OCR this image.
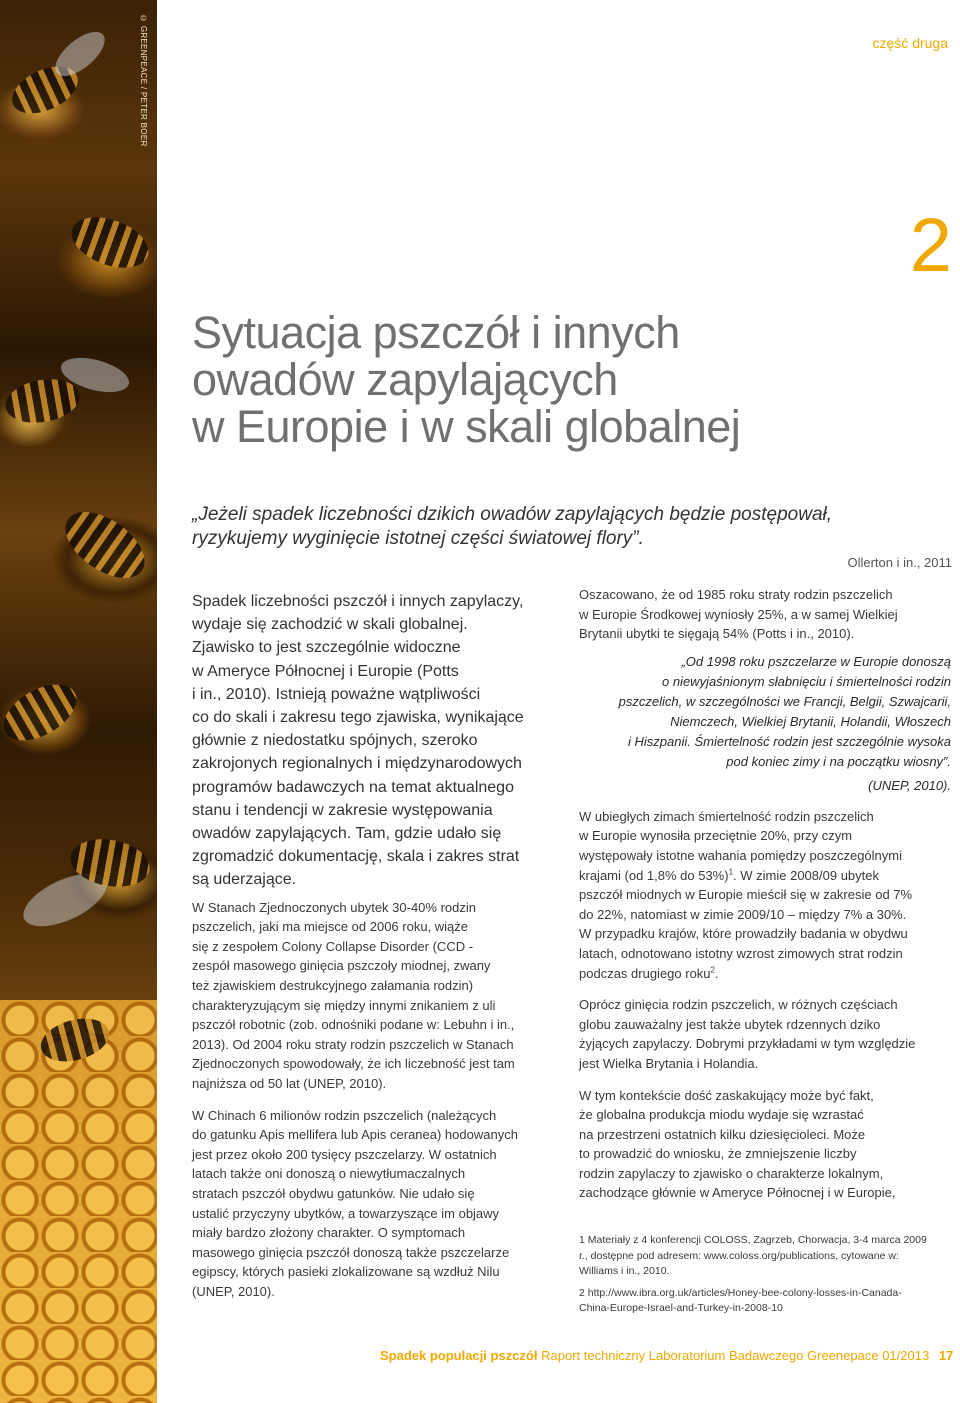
© GREENPEACE / PETER BOER	część druga
2
Sytuacja pszczół i innych
owadów zapylających
w Europie i w skali globalnej
„Jeżeli spadek liczebności dzikich owadów zapylających będzie postępował,
ryzykujemy wyginięcie istotnej części światowej flory”.
Ollerton i in., 2011
Spadek liczebności pszczół i innych zapylaczy,
wydaje się zachodzić w skali globalnej.
Zjawisko to jest szczególnie widoczne
w Ameryce Północnej i Europie (Potts
i in., 2010). Istnieją poważne wątpliwości
co do skali i zakresu tego zjawiska, wynikające
głównie z niedostatku spójnych, szeroko
zakrojonych regionalnych i międzynarodowych
programów badawczych na temat aktualnego
stanu i tendencji w zakresie występowania
owadów zapylających. Tam, gdzie udało się
zgromadzić dokumentację, skala i zakres strat
są uderzające.
W Stanach Zjednoczonych ubytek 30-40% rodzin
pszczelich, jaki ma miejsce od 2006 roku, wiąże
się z zespołem Colony Collapse Disorder (CCD -
zespół masowego ginięcia pszczoły miodnej, zwany
też zjawiskiem destrukcyjnego załamania rodzin)
charakteryzującym się między innymi znikaniem z uli
pszczół robotnic (zob. odnośniki podane w: Lebuhn i in.,
2013). Od 2004 roku straty rodzin pszczelich w Stanach
Zjednoczonych spowodowały, że ich liczebność jest tam
najniższa od 50 lat (UNEP, 2010).
W Chinach 6 milionów rodzin pszczelich (należących
do gatunku Apis mellifera lub Apis ceranea) hodowanych
jest przez około 200 tysięcy pszczelarzy. W ostatnich
latach także oni donoszą o niewytłumaczalnych
stratach pszczół obydwu gatunków. Nie udało się
ustalić przyczyny ubytków, a towarzyszące im objawy
miały bardzo złożony charakter. O symptomach
masowego ginięcia pszczół donoszą także pszczelarze
egipscy, których pasieki zlokalizowane są wzdłuż Nilu
(UNEP, 2010).
Oszacowano, że od 1985 roku straty rodzin pszczelich
w Europie Środkowej wyniosły 25%, a w samej Wielkiej
Brytanii ubytki te sięgają 54% (Potts i in., 2010).
„Od 1998 roku pszczelarze w Europie donoszą
o niewyjaśnionym słabnięciu i śmiertelności rodzin
pszczelich, w szczególności we Francji, Belgii, Szwajcarii,
Niemczech, Wielkiej Brytanii, Holandii, Włoszech
i Hiszpanii. Śmiertelność rodzin jest szczególnie wysoka
pod koniec zimy i na początku wiosny”.
(UNEP, 2010).
W ubiegłych zimach śmiertelność rodzin pszczelich
w Europie wynosiła przeciętnie 20%, przy czym
występowały istotne wahania pomiędzy poszczególnymi
krajami (od 1,8% do 53%)$^1$. W zimie 2008/09 ubytek
pszczół miodnych w Europie mieścił się w zakresie od 7%
do 22%, natomiast w zimie 2009/10 – między 7% a 30%.
W przypadku krajów, które prowadziły badania w obydwu
latach, odnotowano istotny wzrost zimowych strat rodzin
podczas drugiego roku$^2$.
Oprócz ginięcia rodzin pszczelich, w różnych częściach
globu zauważalny jest także ubytek rdzennych dziko
żyjących zapylaczy. Dobrymi przykładami w tym względzie
jest Wielka Brytania i Holandia.
W tym kontekście dość zaskakujący może być fakt,
że globalna produkcja miodu wydaje się wzrastać
na przestrzeni ostatnich kilku dziesięcioleci. Może
to prowadzić do wniosku, że zmniejszenie liczby
rodzin zapylaczy to zjawisko o charakterze lokalnym,
zachodzące głównie w Ameryce Północnej i w Europie,
1 Materiały z 4 konferencji COLOSS, Zagrzeb, Chorwacja, 3-4 marca 2009
r., dostępne pod adresem: www.coloss.org/publications, cytowane w:
Williams i in., 2010.
2 http://www.ibra.org.uk/articles/Honey-bee-colony-losses-in-Canada-
China-Europe-Israel-and-Turkey-in-2008-10
Spadek populacji pszczół Raport techniczny Laboratorium Badawczego Greenepace 01/2013 17
